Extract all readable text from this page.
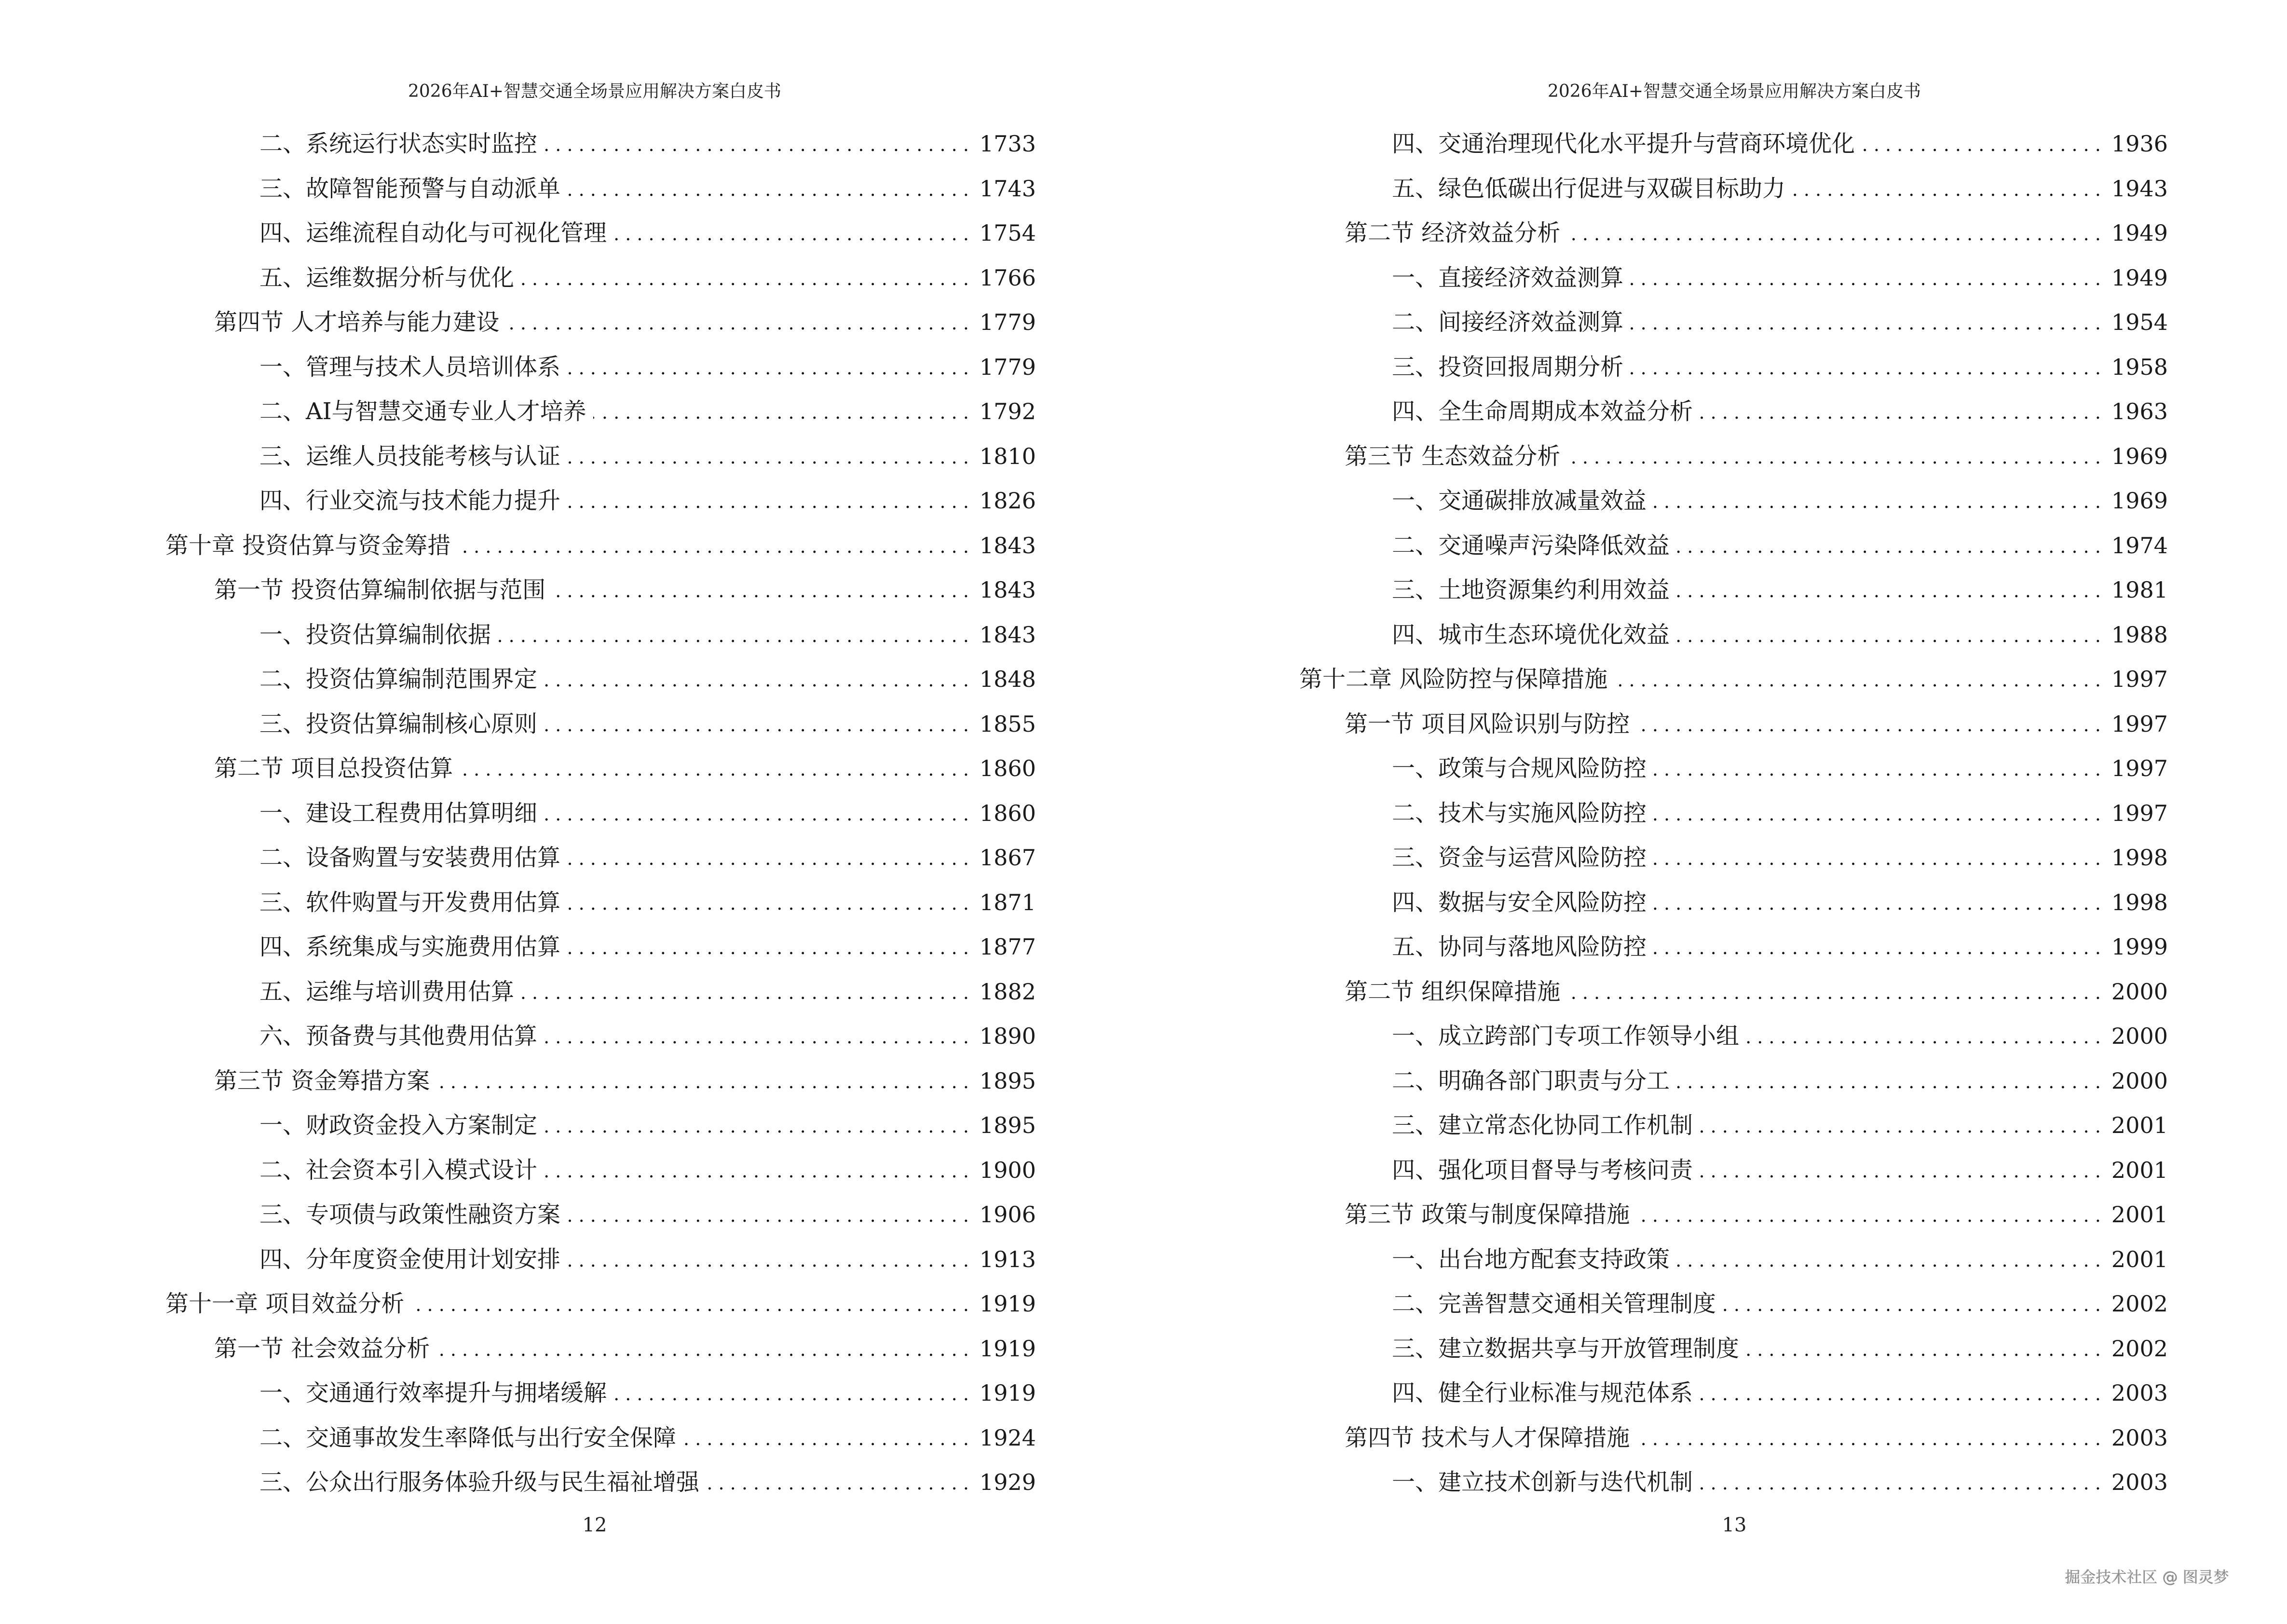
2026年AI+智慧交通全场景应用解决方案白皮书
二、系统运行状态实时监控 . . .	1733
三、故障智能预警与自动派单 . . .	1743
四、运维流程自动化与可视化管理 . . .	1754
五、运维数据分析与优化 . . .	1766
第四节 人才培养与能力建设 . . .	1779
一、管理与技术人员培训体系 . . .	1779
二、AI与智慧交通专业人才培养 . . .	1792
三、运维人员技能考核与认证 . . .	1810
四、行业交流与技术能力提升 . . .	1826
第十章 投资估算与资金筹措 . . .	1843
第一节 投资估算编制依据与范围 . . .	1843
一、投资估算编制依据 . . .	1843
二、投资估算编制范围界定 . . .	1848
三、投资估算编制核心原则 . . .	1855
第二节 项目总投资估算 . . .	1860
一、建设工程费用估算明细 . . .	1860
二、设备购置与安装费用估算 . . .	1867
三、软件购置与开发费用估算 . . .	1871
四、系统集成与实施费用估算 . . .	1877
五、运维与培训费用估算 . . .	1882
六、预备费与其他费用估算 . . .	1890
第三节 资金筹措方案 . . .	1895
一、财政资金投入方案制定 . . .	1895
二、社会资本引入模式设计 . . .	1900
三、专项债与政策性融资方案 . . .	1906
四、分年度资金使用计划安排 . . .	1913
第十一章 项目效益分析 . . .	1919
第一节 社会效益分析 . . .	1919
一、交通通行效率提升与拥堵缓解 . . .	1919
二、交通事故发生率降低与出行安全保障 . . .	1924
三、公众出行服务体验升级与民生福祉增强 . . .	1929
12
2026年AI+智慧交通全场景应用解决方案白皮书
四、交通治理现代化水平提升与营商环境优化 . . .	1936
五、绿色低碳出行促进与双碳目标助力 . . .	1943
第二节 经济效益分析 . . .	1949
一、直接经济效益测算 . . .	1949
二、间接经济效益测算 . . .	1954
三、投资回报周期分析 . . .	1958
四、全生命周期成本效益分析 . . .	1963
第三节 生态效益分析 . . .	1969
一、交通碳排放减量效益 . . .	1969
二、交通噪声污染降低效益 . . .	1974
三、土地资源集约利用效益 . . .	1981
四、城市生态环境优化效益 . . .	1988
第十二章 风险防控与保障措施 . . .	1997
第一节 项目风险识别与防控 . . .	1997
一、政策与合规风险防控 . . .	1997
二、技术与实施风险防控 . . .	1997
三、资金与运营风险防控 . . .	1998
四、数据与安全风险防控 . . .	1998
五、协同与落地风险防控 . . .	1999
第二节 组织保障措施 . . .	2000
一、成立跨部门专项工作领导小组 . . .	2000
二、明确各部门职责与分工 . . .	2000
三、建立常态化协同工作机制 . . .	2001
四、强化项目督导与考核问责 . . .	2001
第三节 政策与制度保障措施 . . .	2001
一、出台地方配套支持政策 . . .	2001
二、完善智慧交通相关管理制度 . . .	2002
三、建立数据共享与开放管理制度 . . .	2002
四、健全行业标准与规范体系 . . .	2003
第四节 技术与人才保障措施 . . .	2003
一、建立技术创新与迭代机制 . . .	2003
13
掘金技术社区 @ 图灵梦
